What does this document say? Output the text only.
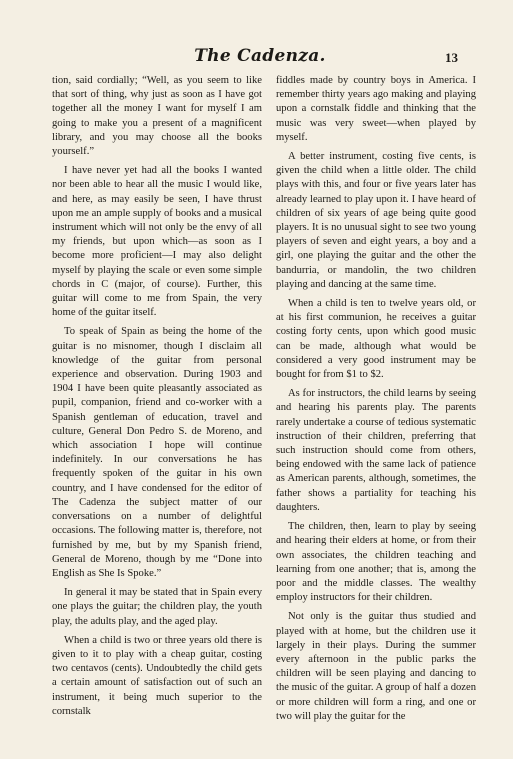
The Cadenza.	13

tion, said cordially; “Well, as you seem to like that sort of thing, why just as soon as I have got together all the money I want for myself I am going to make you a present of a magnificent library, and you may choose all the books yourself.”

I have never yet had all the books I wanted nor been able to hear all the music I would like, and here, as may easily be seen, I have thrust upon me an ample supply of books and a musical instrument which will not only be the envy of all my friends, but upon which—as soon as I become more proficient—I may also delight myself by playing the scale or even some simple chords in C (major, of course). Further, this guitar will come to me from Spain, the very home of the guitar itself.

To speak of Spain as being the home of the guitar is no misnomer, though I disclaim all knowledge of the guitar from personal experience and observation. During 1903 and 1904 I have been quite pleasantly associated as pupil, companion, friend and co-worker with a Spanish gentleman of education, travel and culture, General Don Pedro S. de Moreno, and which association I hope will continue indefinitely. In our conversations he has frequently spoken of the guitar in his own country, and I have condensed for the editor of The Cadenza the subject matter of our conversations on a number of delightful occasions. The following matter is, therefore, not furnished by me, but by my Spanish friend, General de Moreno, though by me “Done into English as She Is Spoke.”

In general it may be stated that in Spain every one plays the guitar; the children play, the youth play, the adults play, and the aged play.

When a child is two or three years old there is given to it to play with a cheap guitar, costing two centavos (cents). Undoubtedly the child gets a certain amount of satisfaction out of such an instrument, it being much superior to the cornstalk

fiddles made by country boys in America. I remember thirty years ago making and playing upon a cornstalk fiddle and thinking that the music was very sweet—when played by myself.

A better instrument, costing five cents, is given the child when a little older. The child plays with this, and four or five years later has already learned to play upon it. I have heard of children of six years of age being quite good players. It is no unusual sight to see two young players of seven and eight years, a boy and a girl, one playing the guitar and the other the bandurria, or mandolin, the two children playing and dancing at the same time.

When a child is ten to twelve years old, or at his first communion, he receives a guitar costing forty cents, upon which good music can be made, although what would be considered a very good instrument may be bought for from $1 to $2.

As for instructors, the child learns by seeing and hearing his parents play. The parents rarely undertake a course of tedious systematic instruction of their children, preferring that such instruction should come from others, being endowed with the same lack of patience as American parents, although, sometimes, the father shows a partiality for teaching his daughters.

The children, then, learn to play by seeing and hearing their elders at home, or from their own associates, the children teaching and learning from one another; that is, among the poor and the middle classes. The wealthy employ instructors for their children.

Not only is the guitar thus studied and played with at home, but the children use it largely in their plays. During the summer every afternoon in the public parks the children will be seen playing and dancing to the music of the guitar. A group of half a dozen or more children will form a ring, and one or two will play the guitar for the
